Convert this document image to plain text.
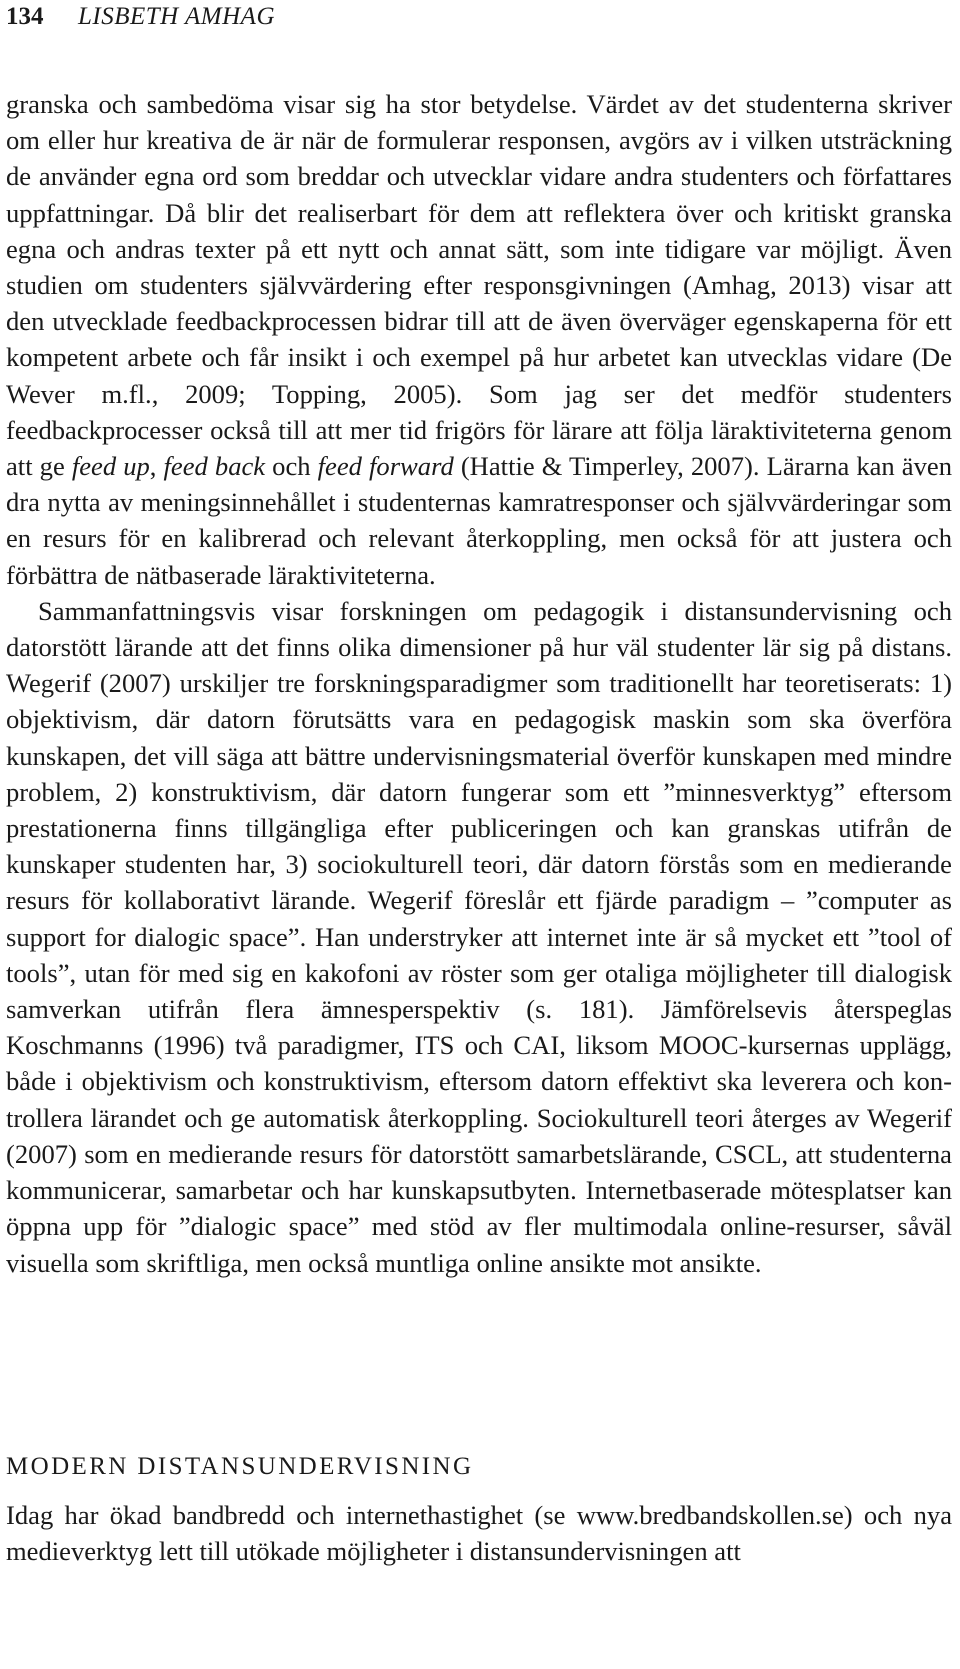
134	LISBETH AMHAG

granska och sambedöma visar sig ha stor betydelse. Värdet av det studenterna skriver om eller hur kreativa de är när de formulerar responsen, avgörs av i vilken utsträckning de använder egna ord som breddar och utvecklar vidare andra studenters och författares uppfattningar. Då blir det realiserbart för dem att reflektera över och kritiskt granska egna och andras texter på ett nytt och annat sätt, som inte tidigare var möjligt. Även studien om studenters självvärdering efter responsgivningen (Amhag, 2013) visar att den utvecklade feedbackprocessen bidrar till att de även överväger egenskaperna för ett kompetent arbete och får insikt i och exempel på hur arbetet kan utvecklas vidare (De Wever m.fl., 2009; Topping, 2005). Som jag ser det medför studenters feedbackprocesser också till att mer tid frigörs för lärare att följa läraktiviteterna genom att ge feed up, feed back och feed forward (Hattie & Timperley, 2007). Lärarna kan även dra nytta av meningsinnehållet i studenternas kamratresponser och självvärderingar som en resurs för en kalibrerad och relevant återkoppling, men också för att justera och förbättra de nätbaserade läraktiviteterna.

Sammanfattningsvis visar forskningen om pedagogik i distansundervisning och datorstött lärande att det finns olika dimensioner på hur väl studenter lär sig på distans. Wegerif (2007) urskiljer tre forskningsparadigmer som traditionellt har teoretiserats: 1) objektivism, där datorn förutsätts vara en pedagogisk maskin som ska överföra kunskapen, det vill säga att bättre undervisningsmaterial överför kunskapen med mindre problem, 2) konstruktivism, där datorn fungerar som ett ”minnesverktyg” eftersom prestationerna finns tillgängliga efter publiceringen och kan granskas utifrån de kunskaper studenten har, 3) sociokulturell teori, där datorn förstås som en medierande resurs för kollaborativt lärande. Wegerif föreslår ett fjärde paradigm – ”computer as support for dialogic space”. Han understryker att internet inte är så mycket ett ”tool of tools”, utan för med sig en kakofoni av röster som ger otaliga möjligheter till dialogisk samverkan utifrån flera ämnesperspektiv (s. 181). Jämförelsevis återspeglas Koschmanns (1996) två paradigmer, ITS och CAI, liksom MOOC-kursernas upplägg, både i objektivism och konstruktivism, eftersom datorn effektivt ska leverera och kontrollera lärandet och ge automatisk återkoppling. Sociokulturell teori återges av Wegerif (2007) som en medierande resurs för datorstött samarbetslärande, CSCL, att studenterna kommunicerar, samarbetar och har kunskapsutbyten. Internetbaserade mötesplatser kan öppna upp för ”dialogic space” med stöd av fler multimodala online-resurser, såväl visuella som skriftliga, men också muntliga online ansikte mot ansikte.

MODERN DISTANSUNDERVISNING

Idag har ökad bandbredd och internethastighet (se www.bredbandskollen.se) och nya medieverktyg lett till utökade möjligheter i distansundervisningen att
